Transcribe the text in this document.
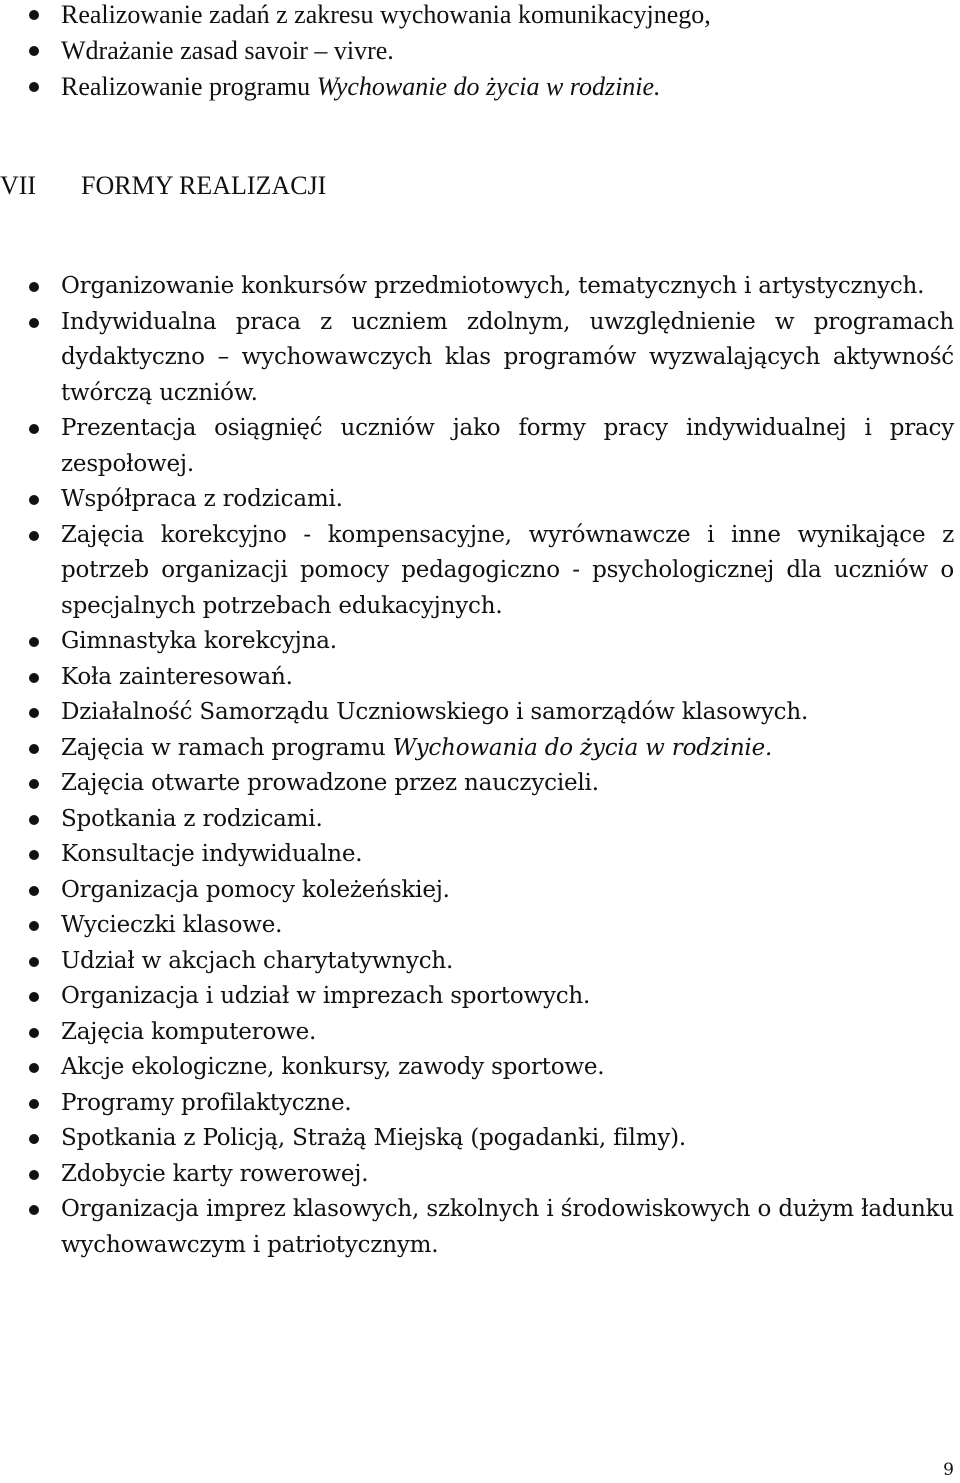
Realizowanie zadań z zakresu wychowania komunikacyjnego,
Wdrażanie zasad savoir – vivre.
Realizowanie programu Wychowanie do życia w rodzinie.
VII FORMY REALIZACJI
Organizowanie konkursów przedmiotowych, tematycznych i artystycznych.
Indywidualna praca z uczniem zdolnym, uwzględnienie w programach dydaktyczno – wychowawczych klas programów wyzwalających aktywność twórczą uczniów.
Prezentacja osiągnięć uczniów jako formy pracy indywidualnej i pracy zespołowej.
Współpraca z rodzicami.
Zajęcia korekcyjno - kompensacyjne, wyrównawcze i inne wynikające z potrzeb organizacji pomocy pedagogiczno - psychologicznej dla uczniów o specjalnych potrzebach edukacyjnych.
Gimnastyka korekcyjna.
Koła zainteresowań.
Działalność Samorządu Uczniowskiego i samorządów klasowych.
Zajęcia w ramach programu Wychowania do życia w rodzinie.
Zajęcia otwarte prowadzone przez nauczycieli.
Spotkania z rodzicami.
Konsultacje indywidualne.
Organizacja pomocy koleżeńskiej.
Wycieczki klasowe.
Udział w akcjach charytatywnych.
Organizacja i udział w imprezach sportowych.
Zajęcia komputerowe.
Akcje ekologiczne, konkursy, zawody sportowe.
Programy profilaktyczne.
Spotkania z Policją, Strażą Miejską (pogadanki, filmy).
Zdobycie karty rowerowej.
Organizacja imprez klasowych, szkolnych i środowiskowych o dużym ładunku wychowawczym i patriotycznym.
9
